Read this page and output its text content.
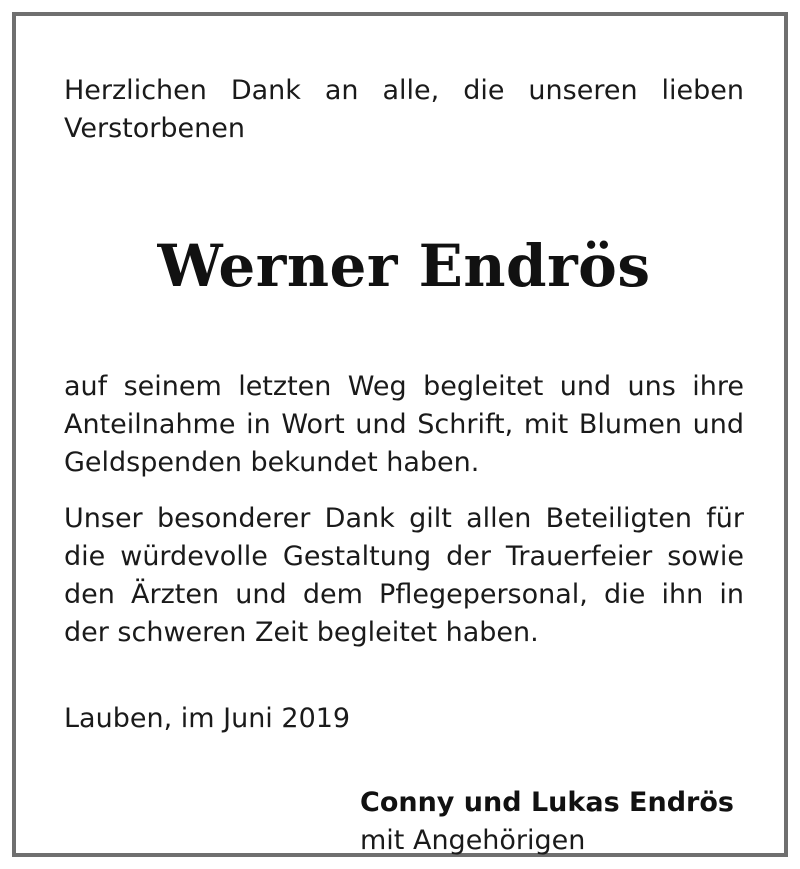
Herzlichen Dank an alle, die unseren lieben Verstorbenen

Werner Endrös

auf seinem letzten Weg begleitet und uns ihre Anteilnahme in Wort und Schrift, mit Blumen und Geldspenden bekundet haben.

Unser besonderer Dank gilt allen Beteiligten für die würdevolle Gestaltung der Trauerfeier sowie den Ärzten und dem Pflegepersonal, die ihn in der schweren Zeit begleitet haben.

Lauben, im Juni 2019

Conny und Lukas Endrös
mit Angehörigen
